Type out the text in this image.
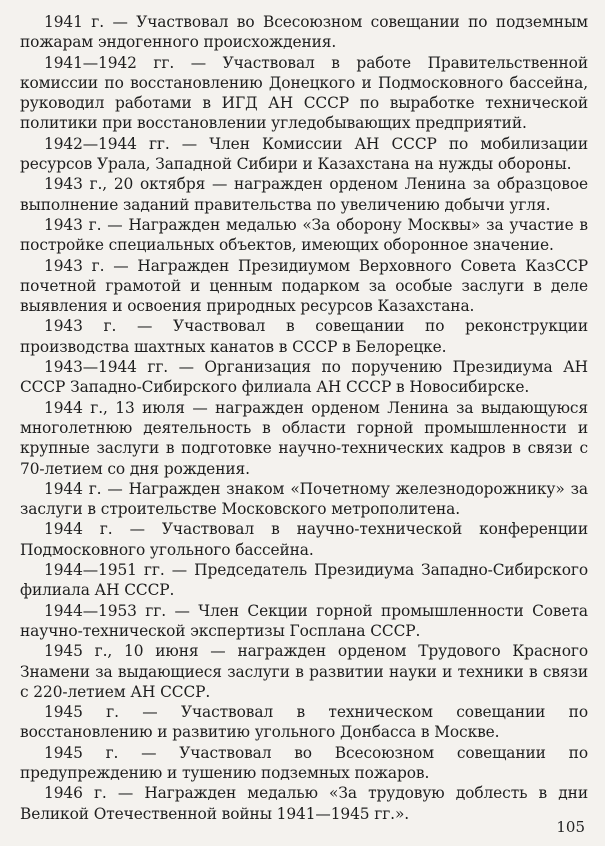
1941 г. — Участвовал во Всесоюзном совещании по подземным пожарам эндогенного происхождения.

1941—1942 гг. — Участвовал в работе Правительственной комиссии по восстановлению Донецкого и Подмосковного бассейна, руководил работами в ИГД АН СССР по выработке технической политики при восстановлении угледобывающих предприятий.

1942—1944 гг. — Член Комиссии АН СССР по мобилизации ресурсов Урала, Западной Сибири и Казахстана на нужды обороны.

1943 г., 20 октября — награжден орденом Ленина за образцовое выполнение заданий правительства по увеличению добычи угля.

1943 г. — Награжден медалью «За оборону Москвы» за участие в постройке специальных объектов, имеющих оборонное значение.

1943 г. — Награжден Президиумом Верховного Совета КазССР почетной грамотой и ценным подарком за особые заслуги в деле выявления и освоения природных ресурсов Казахстана.

1943 г. — Участвовал в совещании по реконструкции производства шахтных канатов в СССР в Белорецке.

1943—1944 гг. — Организация по поручению Президиума АН СССР Западно-Сибирского филиала АН СССР в Новосибирске.

1944 г., 13 июля — награжден орденом Ленина за выдающуюся многолетнюю деятельность в области горной промышленности и крупные заслуги в подготовке научно-технических кадров в связи с 70-летием со дня рождения.

1944 г. — Награжден знаком «Почетному железнодорожнику» за заслуги в строительстве Московского метрополитена.

1944 г. — Участвовал в научно-технической конференции Подмосковного угольного бассейна.

1944—1951 гг. — Председатель Президиума Западно-Сибирского филиала АН СССР.

1944—1953 гг. — Член Секции горной промышленности Совета научно-технической экспертизы Госплана СССР.

1945 г., 10 июня — награжден орденом Трудового Красного Знамени за выдающиеся заслуги в развитии науки и техники в связи с 220-летием АН СССР.

1945 г. — Участвовал в техническом совещании по восстановлению и развитию угольного Донбасса в Москве.

1945 г. — Участвовал во Всесоюзном совещании по предупреждению и тушению подземных пожаров.

1946 г. — Награжден медалью «За трудовую доблесть в дни Великой Отечественной войны 1941—1945 гг.».

105
